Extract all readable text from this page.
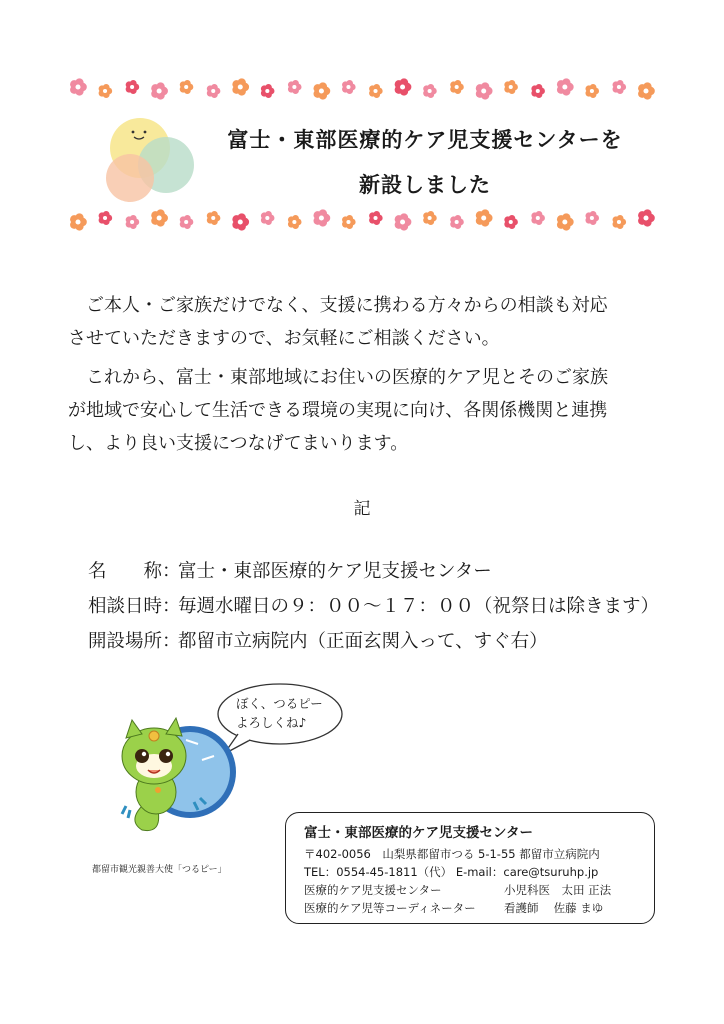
富士・東部医療的ケア児支援センターを
新設しました
　ご本人・ご家族だけでなく、支援に携わる方々からの相談も対応
させていただきますので、お気軽にご相談ください。
　これから、富士・東部地域にお住いの医療的ケア児とそのご家族
が地域で安心して生活できる環境の実現に向け、各関係機関と連携
し、より良い支援につなげてまいります。
記
名　　称：富士・東部医療的ケア児支援センター
相談日時：毎週水曜日の９：００～１７：００（祝祭日は除きます）
開設場所：都留市立病院内（正面玄関入って、すぐ右）
ぼく、つるピー
よろしくね♪
都留市観光親善大使「つるピー」
富士・東部医療的ケア児支援センター
〒402-0056　山梨県都留市つる 5-1-55 都留市立病院内
TEL：0554-45-1811（代） E-mail：care@tsuruhp.jp
医療的ケア児支援センター	小児科医　太田 正法
医療的ケア児等コーディネーター 看護師　 佐藤 まゆ
